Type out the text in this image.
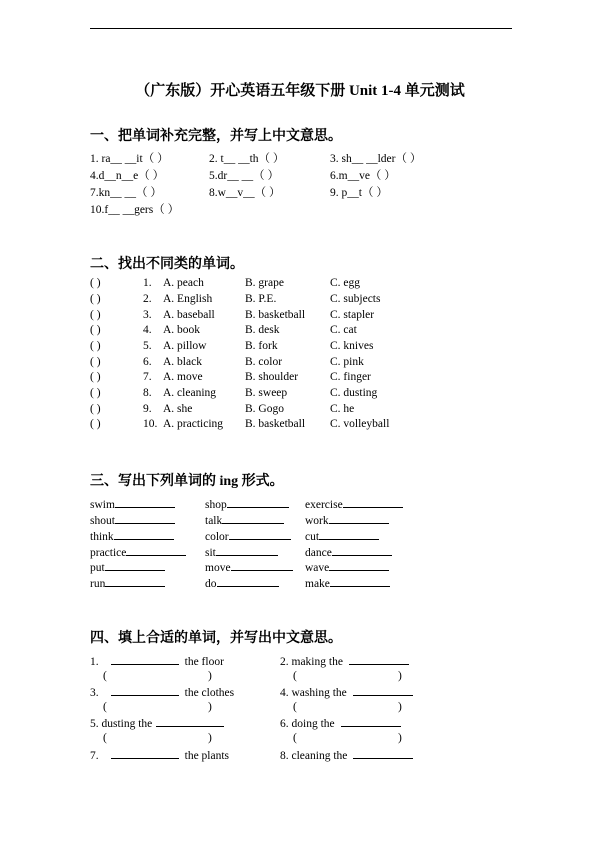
（广东版）开心英语五年级下册 Unit 1-4 单元测试
一、把单词补充完整，并写上中文意思。
1. ra__ __it（ ）	2. t__ __th（ ）	3. sh__ __lder（ ）
4.d__n__e（ ）	5.dr__ __（ ）	6.m__ve（ ）
7.kn__ __（ ）	8.w__v__（ ）	9. p__t（ ）
10.f__ __gers（ ）
二、找出不同类的单词。
( )	1. A. peach	B. grape	C. egg
( )	2. A. English	B. P.E.	C. subjects
( )	3. A. baseball	B. basketball C. stapler
( )	4. A. book	B. desk	C. cat
( )	5. A. pillow	B. fork	C. knives
( )	6. A. black	B. color	C. pink
( )	7. A. move	B. shoulder	C. finger
( )	8. A. cleaning	B. sweep	C. dusting
( )	9. A. she	B. Gogo	C. he
( )	10. A. practicing B. basketball C. volleyball
三、写出下列单词的 ing 形式。
swim	shop	exercise
shout	talk	work
think	color	cut
practice	sit	dance
put	move	wave
run	do	make
四、填上合适的单词，并写出中文意思。
1.	the floor	2. making the
(	)	(	)
3.	the clothes	4. washing the
(	)	(	)
5. dusting the	6. doing the
(	)	(	)
7.	the plants	8. cleaning the
